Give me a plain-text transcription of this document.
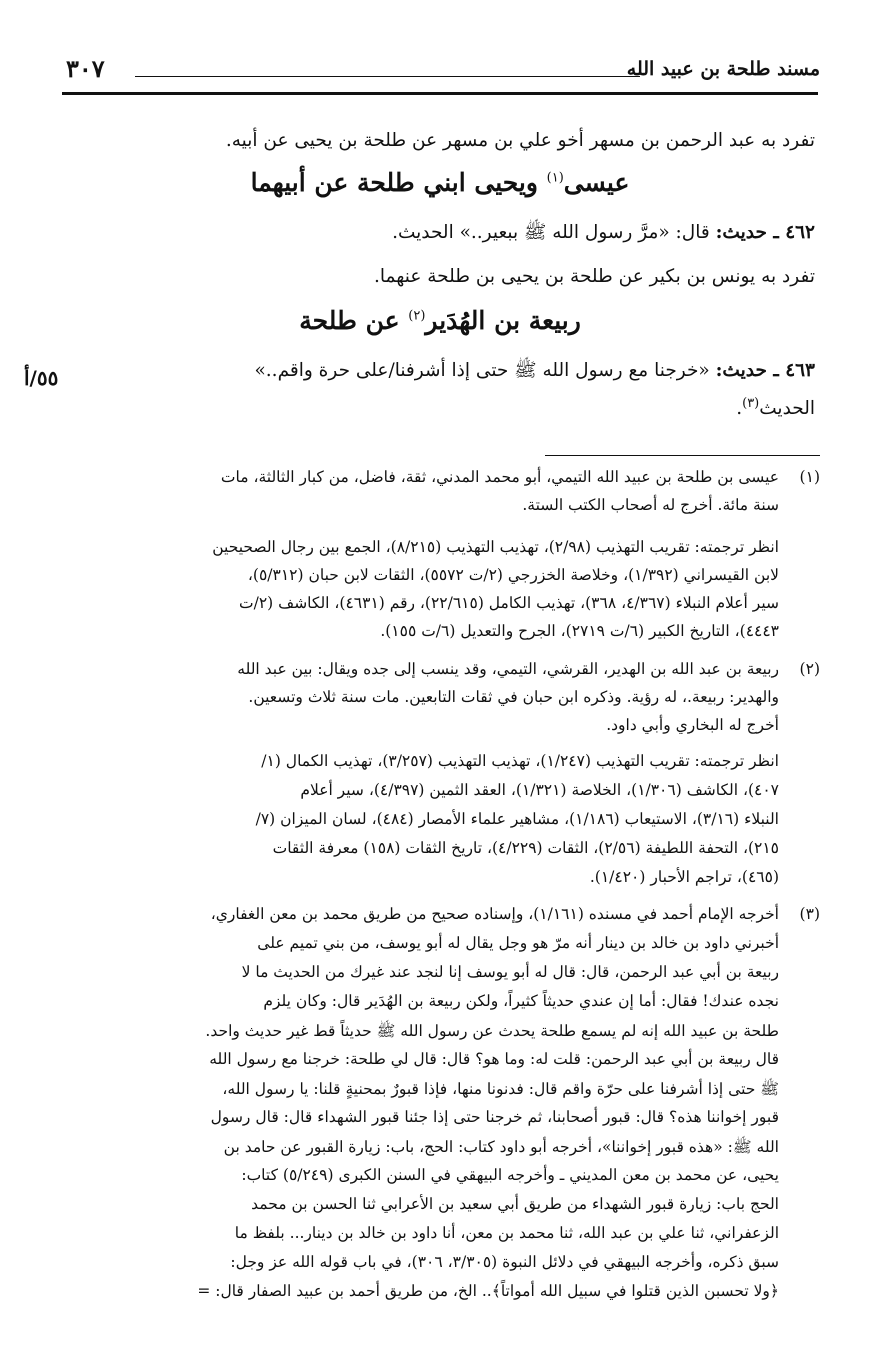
مسند طلحة بن عبيد الله
٣٠٧
تفرد به عبد الرحمن بن مسهر أخو علي بن مسهر عن طلحة بن يحيى عن أبيه.
عيسى$^{(١)}$ ويحيى ابني طلحة عن أبيهما
٤٦٢ ـ حديث: قال: «مرَّ رسول الله ﷺ ببعير..» الحديث.
تفرد به يونس بن بكير عن طلحة بن يحيى بن طلحة عنهما.
ربيعة بن الهُدَير$^{(٢)}$ عن طلحة
٤٦٣ ـ حديث: «خرجنا مع رسول الله ﷺ حتى إذا أشرفنا/على حرة واقم..»
٥٥/أ
الحديث$^{(٣)}$.
(١)
(٢)
(٣)
عيسى بن طلحة بن عبيد الله التيمي، أبو محمد المدني، ثقة، فاضل، من كبار الثالثة، مات
سنة مائة. أخرج له أصحاب الكتب الستة.
انظر ترجمته: تقريب التهذيب (٢/٩٨)، تهذيب التهذيب (٨/٢١٥)، الجمع بين رجال الصحيحين
لابن القيسراني (١/٣٩٢)، وخلاصة الخزرجي (٢/ت ٥٥٧٢)، الثقات لابن حبان (٥/٣١٢)،
سير أعلام النبلاء (٤/٣٦٧، ٣٦٨)، تهذيب الكامل (٢٢/٦١٥)، رقم (٤٦٣١)، الكاشف (٢/ت
٤٤٤٣)، التاريخ الكبير (٦/ت ٢٧١٩)، الجرح والتعديل (٦/ت ١٥٥).
ربيعة بن عبد الله بن الهدير، القرشي، التيمي، وقد ينسب إلى جده ويقال: بين عبد الله
والهدير: ربيعة.، له رؤية. وذكره ابن حبان في ثقات التابعين. مات سنة ثلاث وتسعين.
أخرج له البخاري وأبي داود.
انظر ترجمته: تقريب التهذيب (١/٢٤٧)، تهذيب التهذيب (٣/٢٥٧)، تهذيب الكمال (١/
٤٠٧)، الكاشف (١/٣٠٦)، الخلاصة (١/٣٢١)، العقد الثمين (٤/٣٩٧)، سير أعلام
النبلاء (٣/١٦)، الاستيعاب (١/١٨٦)، مشاهير علماء الأمصار (٤٨٤)، لسان الميزان (٧/
٢١٥)، التحفة اللطيفة (٢/٥٦)، الثقات (٤/٢٢٩)، تاريخ الثقات (١٥٨) معرفة الثقات
(٤٦٥)، تراجم الأحبار (١/٤٢٠).
أخرجه الإمام أحمد في مسنده (١/١٦١)، وإسناده صحيح من طريق محمد بن معن الغفاري،
أخبرني داود بن خالد بن دينار أنه مرّ هو وجل يقال له أبو يوسف، من بني تميم على
ربيعة بن أبي عبد الرحمن، قال: قال له أبو يوسف إنا لنجد عند غيرك من الحديث ما لا
نجده عندك! فقال: أما إن عندي حديثاً كثيراً، ولكن ربيعة بن الهُدَير قال: وكان يلزم
طلحة بن عبيد الله إنه لم يسمع طلحة يحدث عن رسول الله ﷺ حديثاً قط غير حديث واحد.
قال ربيعة بن أبي عبد الرحمن: قلت له: وما هو؟ قال: قال لي طلحة: خرجنا مع رسول الله
ﷺ حتى إذا أشرفنا على حرّة واقم قال: فدنونا منها، فإذا قبورٌ بمحنيةٍ قلنا: يا رسول الله،
قبور إخواننا هذه؟ قال: قبور أصحابنا، ثم خرجنا حتى إذا جئنا قبور الشهداء قال: قال رسول
الله ﷺ: «هذه قبور إخواننا»، أخرجه أبو داود كتاب: الحج، باب: زيارة القبور عن حامد بن
يحيى، عن محمد بن معن المديني ـ وأخرجه البيهقي في السنن الكبرى (٥/٢٤٩) كتاب:
الحج باب: زيارة قبور الشهداء من طريق أبي سعيد بن الأعرابي ثنا الحسن بن محمد
الزعفراني، ثنا علي بن عبد الله، ثنا محمد بن معن، أنا داود بن خالد بن دينار... بلفظ ما
سبق ذكره، وأخرجه البيهقي في دلائل النبوة (٣/٣٠٥، ٣٠٦)، في باب قوله الله عز وجل:
﴿ولا تحسبن الذين قتلوا في سبيل الله أمواتاً﴾.. الخ، من طريق أحمد بن عبيد الصفار قال: =
